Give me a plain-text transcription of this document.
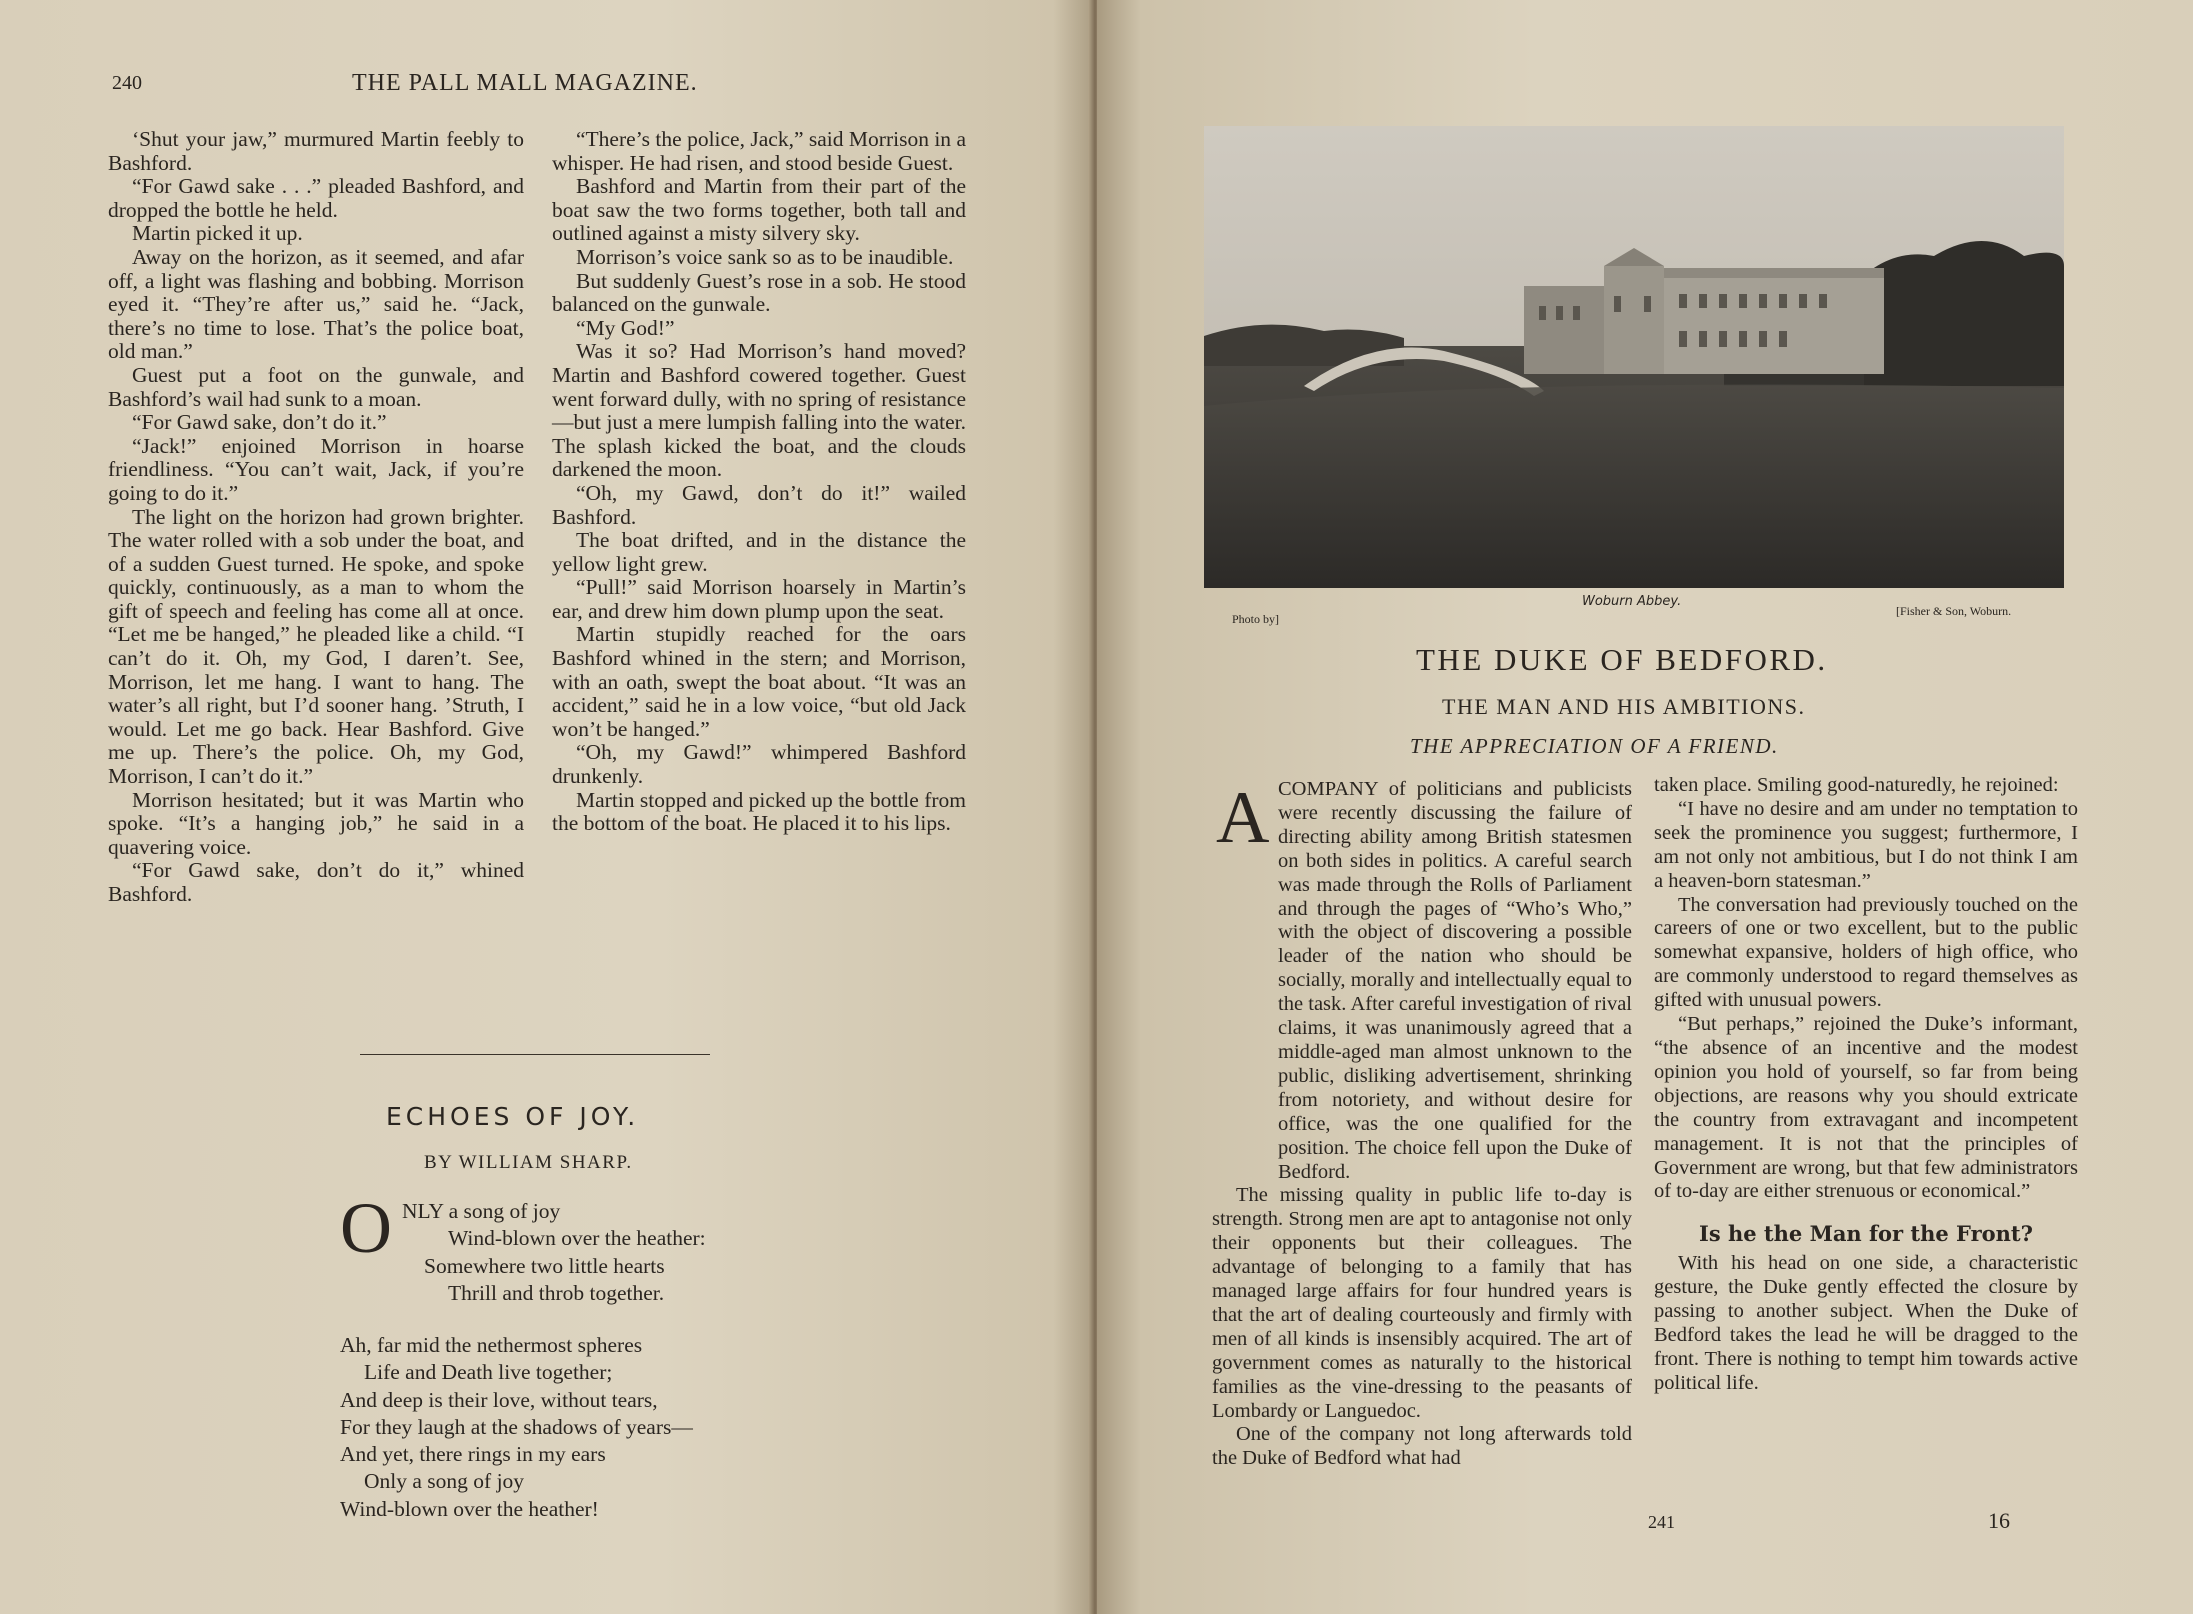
240	THE PALL MALL MAGAZINE.

‘Shut your jaw,” murmured Martin feebly to Bashford.

“For Gawd sake . . .” pleaded Bashford, and dropped the bottle he held.

Martin picked it up.

Away on the horizon, as it seemed, and afar off, a light was flashing and bobbing. Morrison eyed it. “They’re after us,” said he. “Jack, there’s no time to lose. That’s the police boat, old man.”

Guest put a foot on the gunwale, and Bashford’s wail had sunk to a moan.

“For Gawd sake, don’t do it.”

“Jack!” enjoined Morrison in hoarse friendliness. “You can’t wait, Jack, if you’re going to do it.”

The light on the horizon had grown brighter. The water rolled with a sob under the boat, and of a sudden Guest turned. He spoke, and spoke quickly, continuously, as a man to whom the gift of speech and feeling has come all at once. “Let me be hanged,” he pleaded like a child. “I can’t do it. Oh, my God, I daren’t. See, Morrison, let me hang. I want to hang. The water’s all right, but I’d sooner hang. ’Struth, I would. Let me go back. Hear Bashford. Give me up. There’s the police. Oh, my God, Morrison, I can’t do it.”

Morrison hesitated; but it was Martin who spoke. “It’s a hanging job,” he said in a quavering voice.

“For Gawd sake, don’t do it,” whined Bashford.

“There’s the police, Jack,” said Morrison in a whisper. He had risen, and stood beside Guest.

Bashford and Martin from their part of the boat saw the two forms together, both tall and outlined against a misty silvery sky.

Morrison’s voice sank so as to be inaudible.

But suddenly Guest’s rose in a sob. He stood balanced on the gunwale.

“My God!”

Was it so? Had Morrison’s hand moved? Martin and Bashford cowered together. Guest went forward dully, with no spring of resistance—but just a mere lumpish falling into the water. The splash kicked the boat, and the clouds darkened the moon.

“Oh, my Gawd, don’t do it!” wailed Bashford.

The boat drifted, and in the distance the yellow light grew.

“Pull!” said Morrison hoarsely in Martin’s ear, and drew him down plump upon the seat.

Martin stupidly reached for the oars Bashford whined in the stern; and Morrison, with an oath, swept the boat about. “It was an accident,” said he in a low voice, “but old Jack won’t be hanged.”

“Oh, my Gawd!” whimpered Bashford drunkenly.

Martin stopped and picked up the bottle from the bottom of the boat. He placed it to his lips.

ECHOES OF JOY.
BY WILLIAM SHARP.
O NLY a song of joy
Wind-blown over the heather:
Somewhere two little hearts
Thrill and throb together.
Ah, far mid the nethermost spheres
Life and Death live together;
And deep is their love, without tears,
For they laugh at the shadows of years—
And yet, there rings in my ears
Only a song of joy
Wind-blown over the heather!
Photo by]
Woburn Abbey.
[Fisher & Son, Woburn.
THE DUKE OF BEDFORD.
THE MAN AND HIS AMBITIONS.
THE APPRECIATION OF A FRIEND.
A COMPANY of politicians and publicists were recently discussing the failure of directing ability among British statesmen on both sides in politics. A careful search was made through the Rolls of Parliament and through the pages of “Who’s Who,” with the object of discovering a possible leader of the nation who should be socially, morally and intellectually equal to the task. After careful investigation of rival claims, it was unanimously agreed that a middle-aged man almost unknown to the public, disliking advertisement, shrinking from notoriety, and without desire for office, was the one qualified for the position. The choice fell upon the Duke of Bedford.

The missing quality in public life to-day is strength. Strong men are apt to antagonise not only their opponents but their colleagues. The advantage of belonging to a family that has managed large affairs for four hundred years is that the art of dealing courteously and firmly with men of all kinds is insensibly acquired. The art of government comes as naturally to the historical families as the vine-dressing to the peasants of Lombardy or Languedoc.

One of the company not long afterwards told the Duke of Bedford what had

taken place. Smiling good-naturedly, he rejoined:

“I have no desire and am under no temptation to seek the prominence you suggest; furthermore, I am not only not ambitious, but I do not think I am a heaven-born statesman.”

The conversation had previously touched on the careers of one or two excellent, but to the public somewhat expansive, holders of high office, who are commonly understood to regard themselves as gifted with unusual powers.

“But perhaps,” rejoined the Duke’s informant, “the absence of an incentive and the modest opinion you hold of yourself, so far from being objections, are reasons why you should extricate the country from extravagant and incompetent management. It is not that the principles of Government are wrong, but that few administrators of to-day are either strenuous or economical.”

Is he the Man for the Front?

With his head on one side, a characteristic gesture, the Duke gently effected the closure by passing to another subject. When the Duke of Bedford takes the lead he will be dragged to the front. There is nothing to tempt him towards active political life.

241	16
